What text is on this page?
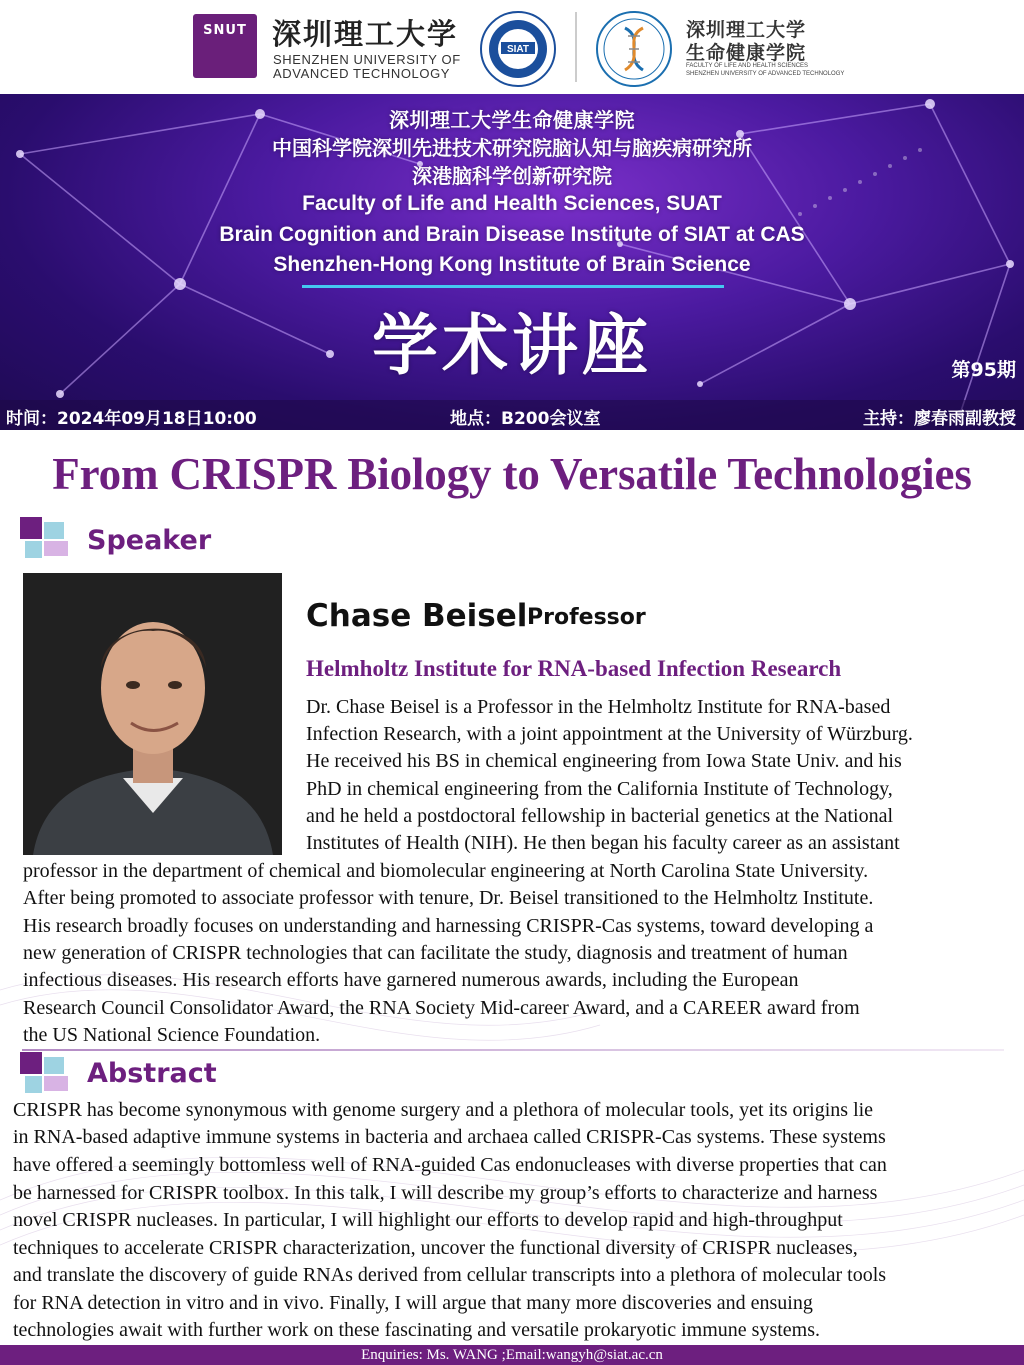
SNUT 深圳理工大学
SHENZHEN UNIVERSITY OF
ADVANCED TECHNOLOGY
SIAT
深圳理工大学
生命健康学院
FACULTY OF LIFE AND HEALTH SCIENCES
SHENZHEN UNIVERSITY OF ADVANCED TECHNOLOGY
深圳理工大学生命健康学院
中国科学院深圳先进技术研究院脑认知与脑疾病研究所
深港脑科学创新研究院
Faculty of Life and Health Sciences, SUAT
Brain Cognition and Brain Disease Institute of SIAT at CAS
Shenzhen-Hong Kong Institute of Brain Science
学术讲座	第95期
时间：2024年09月18日10:00	地点：B200会议室	主持：廖春雨副教授
From CRISPR Biology to Versatile Technologies
Speaker
Chase Beisel Professor
Helmholtz Institute for RNA-based Infection Research
Dr. Chase Beisel is a Professor in the Helmholtz Institute for RNA-based
Infection Research, with a joint appointment at the University of Würzburg.
He received his BS in chemical engineering from Iowa State Univ. and his
PhD in chemical engineering from the California Institute of Technology,
and he held a postdoctoral fellowship in bacterial genetics at the National
Institutes of Health (NIH). He then began his faculty career as an assistant
professor in the department of chemical and biomolecular engineering at North Carolina State University.
After being promoted to associate professor with tenure, Dr. Beisel transitioned to the Helmholtz Institute.
His research broadly focuses on understanding and harnessing CRISPR-Cas systems, toward developing a
new generation of CRISPR technologies that can facilitate the study, diagnosis and treatment of human
infectious diseases. His research efforts have garnered numerous awards, including the European
Research Council Consolidator Award, the RNA Society Mid-career Award, and a CAREER award from
the US National Science Foundation.
Abstract
CRISPR has become synonymous with genome surgery and a plethora of molecular tools, yet its origins lie
in RNA-based adaptive immune systems in bacteria and archaea called CRISPR-Cas systems. These systems
have offered a seemingly bottomless well of RNA-guided Cas endonucleases with diverse properties that can
be harnessed for CRISPR toolbox. In this talk, I will describe my group’s efforts to characterize and harness
novel CRISPR nucleases. In particular, I will highlight our efforts to develop rapid and high-throughput
techniques to accelerate CRISPR characterization, uncover the functional diversity of CRISPR nucleases,
and translate the discovery of guide RNAs derived from cellular transcripts into a plethora of molecular tools
for RNA detection in vitro and in vivo. Finally, I will argue that many more discoveries and ensuing
technologies await with further work on these fascinating and versatile prokaryotic immune systems.
Enquiries: Ms. WANG ;Email:wangyh@siat.ac.cn
